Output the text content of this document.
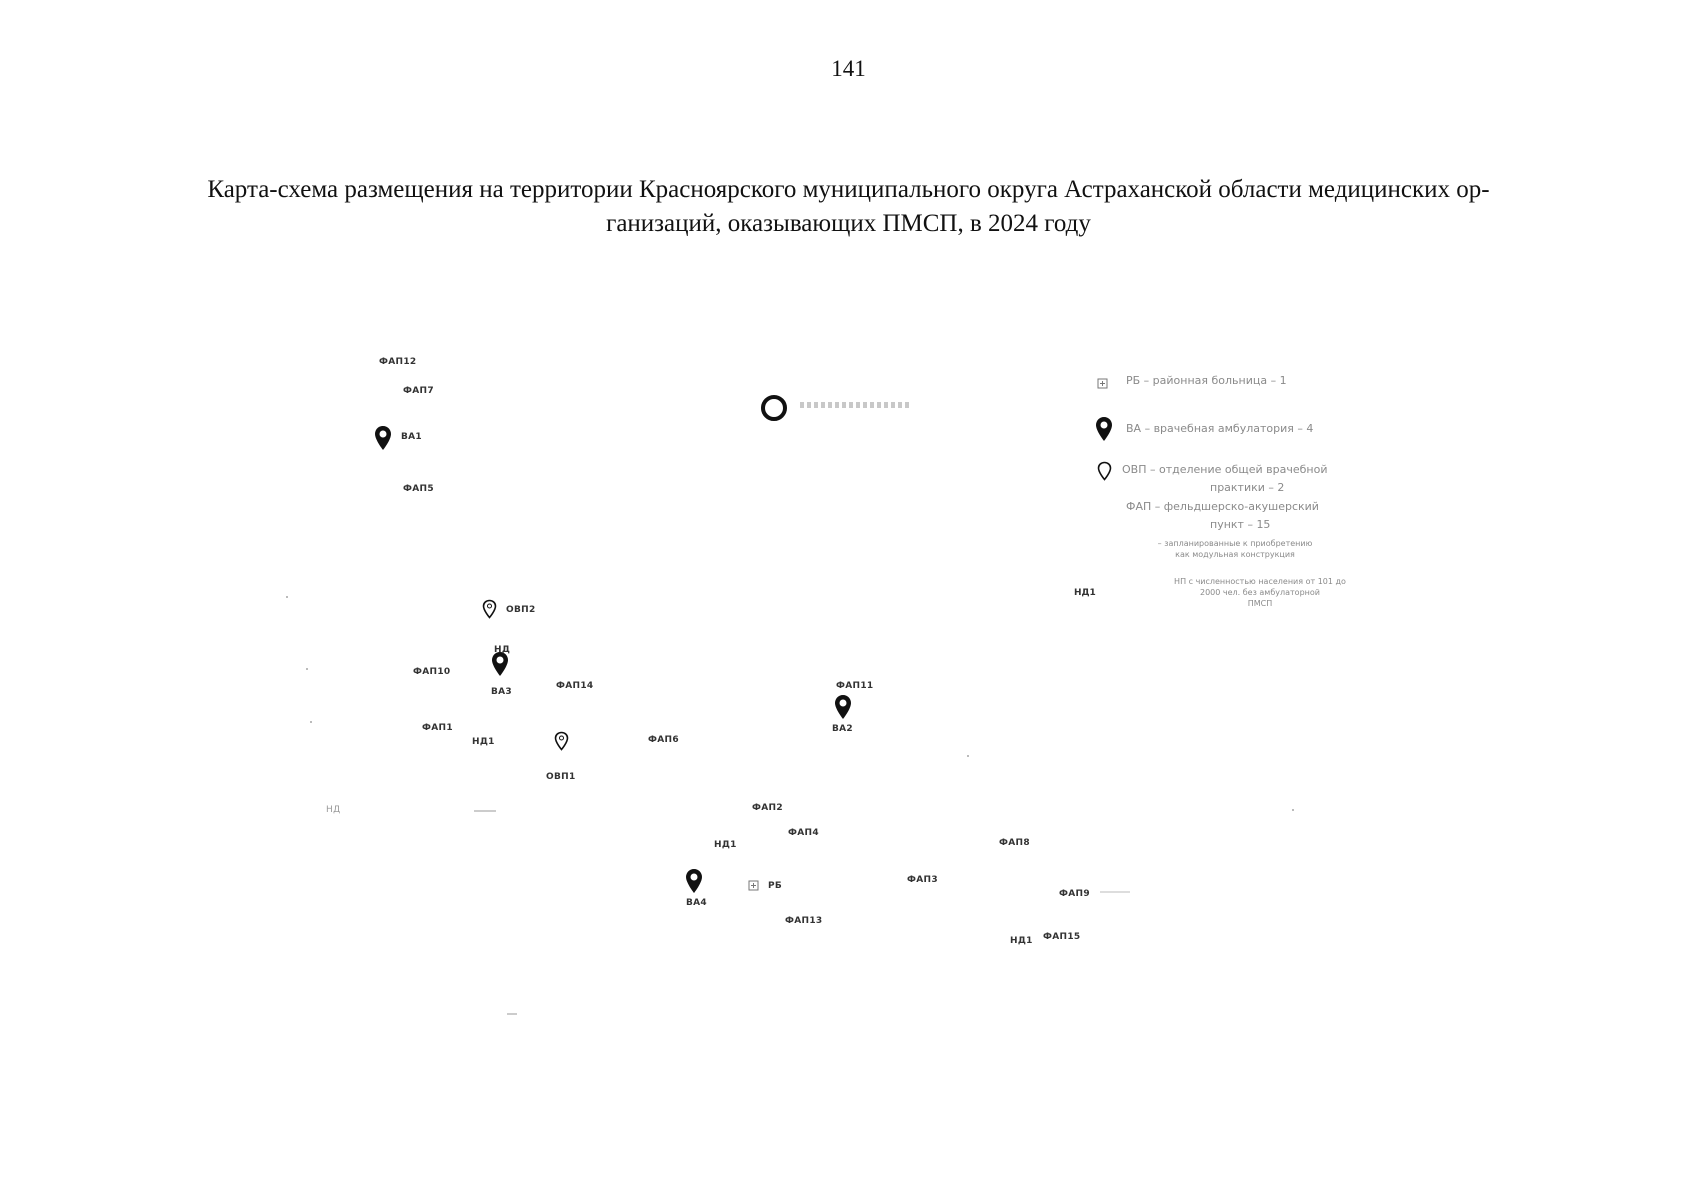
141
Карта-схема размещения на территории Красноярского муниципального округа Астраханской области медицинских ор-
ганизаций, оказывающих ПМСП, в 2024 году
ФАП12
ФАП7
ВА1
ФАП5
ОВП2
НД
ФАП10
ВА3
ФАП14	ФАП11
ВА2
ФАП1
НД1
ОВП1
ФАП6
ФАП2
ФАП4
НД1	ФАП8
ФАП3
ВА4
РБ
ФАП13
ФАП9
НД1 ФАП15
НД
РБ – районная больница – 1
ВА – врачебная амбулатория – 4
ОВП – отделение общей врачебной
практики – 2
ФАП – фельдшерско-акушерский
пункт – 15
– запланированные к приобретению
как модульная конструкция
НД1
НП с численностью населения от 101 до
2000 чел. без амбулаторной
ПМСП
